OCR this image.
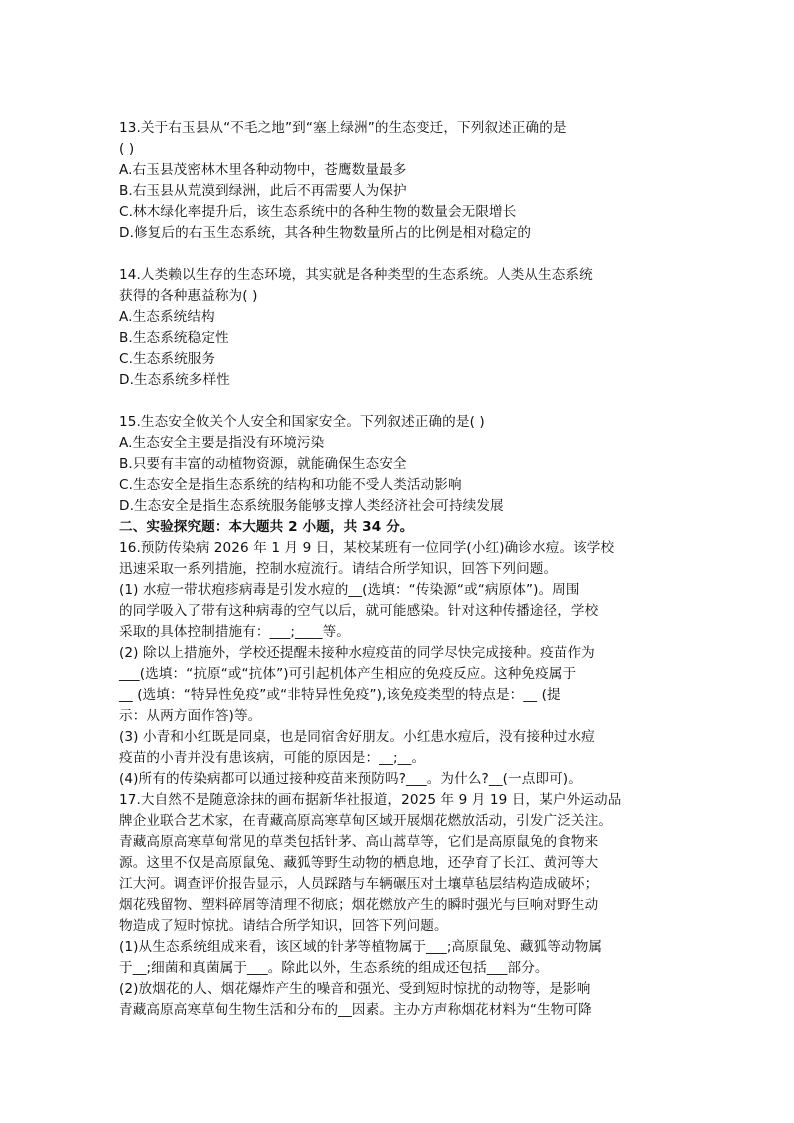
13.关于右玉县从“不毛之地”到“塞上绿洲”的生态变迁，下列叙述正确的是
( )
A.右玉县茂密林木里各种动物中，苍鹰数量最多
B.右玉县从荒漠到绿洲，此后不再需要人为保护
C.林木绿化率提升后，该生态系统中的各种生物的数量会无限增长
D.修复后的右玉生态系统，其各种生物数量所占的比例是相对稳定的
14.人类赖以生存的生态环境，其实就是各种类型的生态系统。人类从生态系统
获得的各种惠益称为( )
A.生态系统结构
B.生态系统稳定性
C.生态系统服务
D.生态系统多样性
15.生态安全攸关个人安全和国家安全。下列叙述正确的是( )
A.生态安全主要是指没有环境污染
B.只要有丰富的动植物资源，就能确保生态安全
C.生态安全是指生态系统的结构和功能不受人类活动影响
D.生态安全是指生态系统服务能够支撑人类经济社会可持续发展
二、实验探究题：本大题共 2 小题，共 34 分。
16.预防传染病 2026 年 1 月 9 日，某校某班有一位同学(小红)确诊水痘。该学校
迅速采取一系列措施，控制水痘流行。请结合所学知识，回答下列问题。
(1) 水痘一带状疱疹病毒是引发水痘的__(选填：“传染源“或“病原体”)。周围
的同学吸入了带有这种病毒的空气以后，就可能感染。针对这种传播途径，学校
采取的具体控制措施有：___;____等。
(2) 除以上措施外，学校还提醒未接种水痘疫苗的同学尽快完成接种。疫苗作为
___(选填：“抗原“或“抗体”)可引起机体产生相应的免疫反应。这种免疫属于
__ (选填：“特异性免疫”或“非特异性免疫”),该免疫类型的特点是：__ (提
示：从两方面作答)等。
(3) 小青和小红既是同桌，也是同宿舍好朋友。小红患水痘后，没有接种过水痘
疫苗的小青并没有患该病，可能的原因是：__;__。
(4)所有的传染病都可以通过接种疫苗来预防吗?___。为什么?__(一点即可)。
17.大自然不是随意涂抹的画布据新华社报道，2025 年 9 月 19 日，某户外运动品
牌企业联合艺术家，在青藏高原高寒草甸区域开展烟花燃放活动，引发广泛关注。
青藏高原高寒草甸常见的草类包括针茅、高山蒿草等，它们是高原鼠兔的食物来
源。这里不仅是高原鼠兔、藏狐等野生动物的栖息地，还孕育了长江、黄河等大
江大河。调查评价报告显示，人员踩踏与车辆碾压对土壤草毡层结构造成破坏；
烟花残留物、塑料碎屑等清理不彻底；烟花燃放产生的瞬时强光与巨响对野生动
物造成了短时惊扰。请结合所学知识，回答下列问题。
(1)从生态系统组成来看，该区域的针茅等植物属于___;高原鼠兔、藏狐等动物属
于__;细菌和真菌属于___。除此以外，生态系统的组成还包括___部分。
(2)放烟花的人、烟花爆炸产生的噪音和强光、受到短时惊扰的动物等，是影响
青藏高原高寒草甸生物生活和分布的__因素。主办方声称烟花材料为“生物可降
